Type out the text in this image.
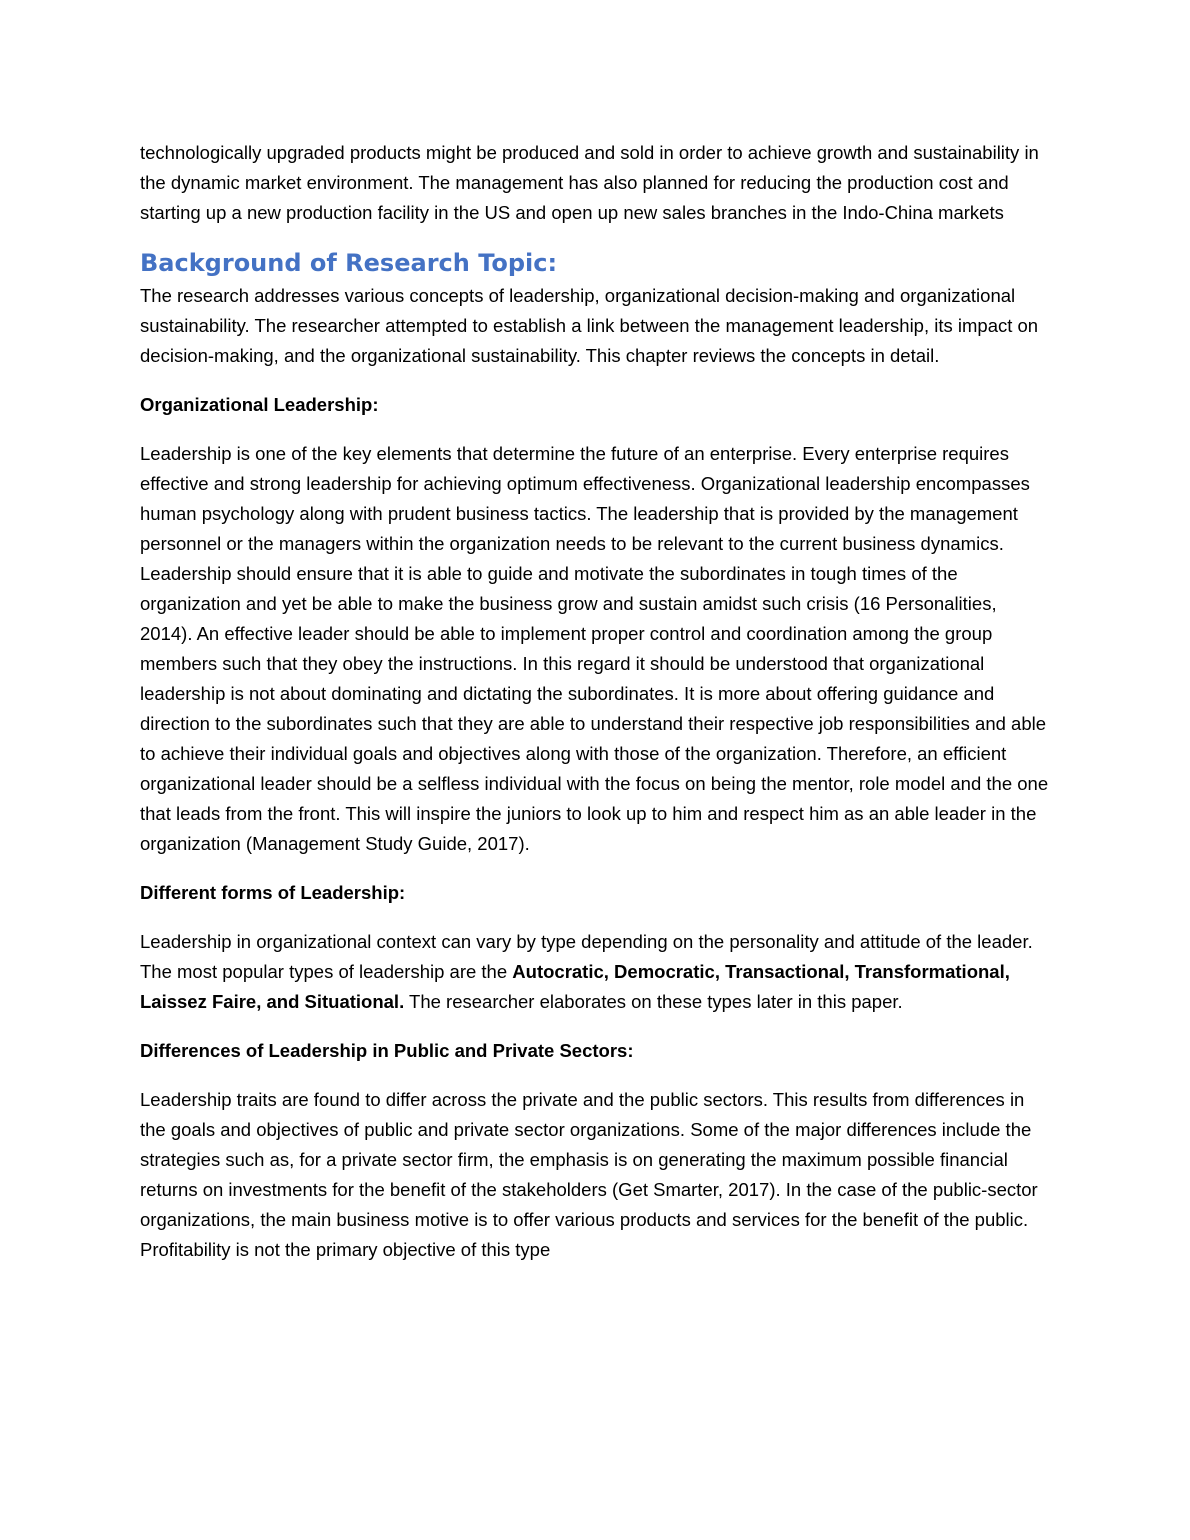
technologically upgraded products might be produced and sold in order to achieve growth and sustainability in the dynamic market environment. The management has also planned for reducing the production cost and starting up a new production facility in the US and open up new sales branches in the Indo-China markets

Background of Research Topic:

The research addresses various concepts of leadership, organizational decision-making and organizational sustainability. The researcher attempted to establish a link between the management leadership, its impact on decision-making, and the organizational sustainability. This chapter reviews the concepts in detail.

Organizational Leadership:

Leadership is one of the key elements that determine the future of an enterprise. Every enterprise requires effective and strong leadership for achieving optimum effectiveness. Organizational leadership encompasses human psychology along with prudent business tactics. The leadership that is provided by the management personnel or the managers within the organization needs to be relevant to the current business dynamics. Leadership should ensure that it is able to guide and motivate the subordinates in tough times of the organization and yet be able to make the business grow and sustain amidst such crisis (16 Personalities, 2014). An effective leader should be able to implement proper control and coordination among the group members such that they obey the instructions. In this regard it should be understood that organizational leadership is not about dominating and dictating the subordinates. It is more about offering guidance and direction to the subordinates such that they are able to understand their respective job responsibilities and able to achieve their individual goals and objectives along with those of the organization. Therefore, an efficient organizational leader should be a selfless individual with the focus on being the mentor, role model and the one that leads from the front. This will inspire the juniors to look up to him and respect him as an able leader in the organization (Management Study Guide, 2017).

Different forms of Leadership:

Leadership in organizational context can vary by type depending on the personality and attitude of the leader. The most popular types of leadership are the Autocratic, Democratic, Transactional, Transformational, Laissez Faire, and Situational. The researcher elaborates on these types later in this paper.

Differences of Leadership in Public and Private Sectors:

Leadership traits are found to differ across the private and the public sectors. This results from differences in the goals and objectives of public and private sector organizations. Some of the major differences include the strategies such as, for a private sector firm, the emphasis is on generating the maximum possible financial returns on investments for the benefit of the stakeholders (Get Smarter, 2017). In the case of the public-sector organizations, the main business motive is to offer various products and services for the benefit of the public. Profitability is not the primary objective of this type
